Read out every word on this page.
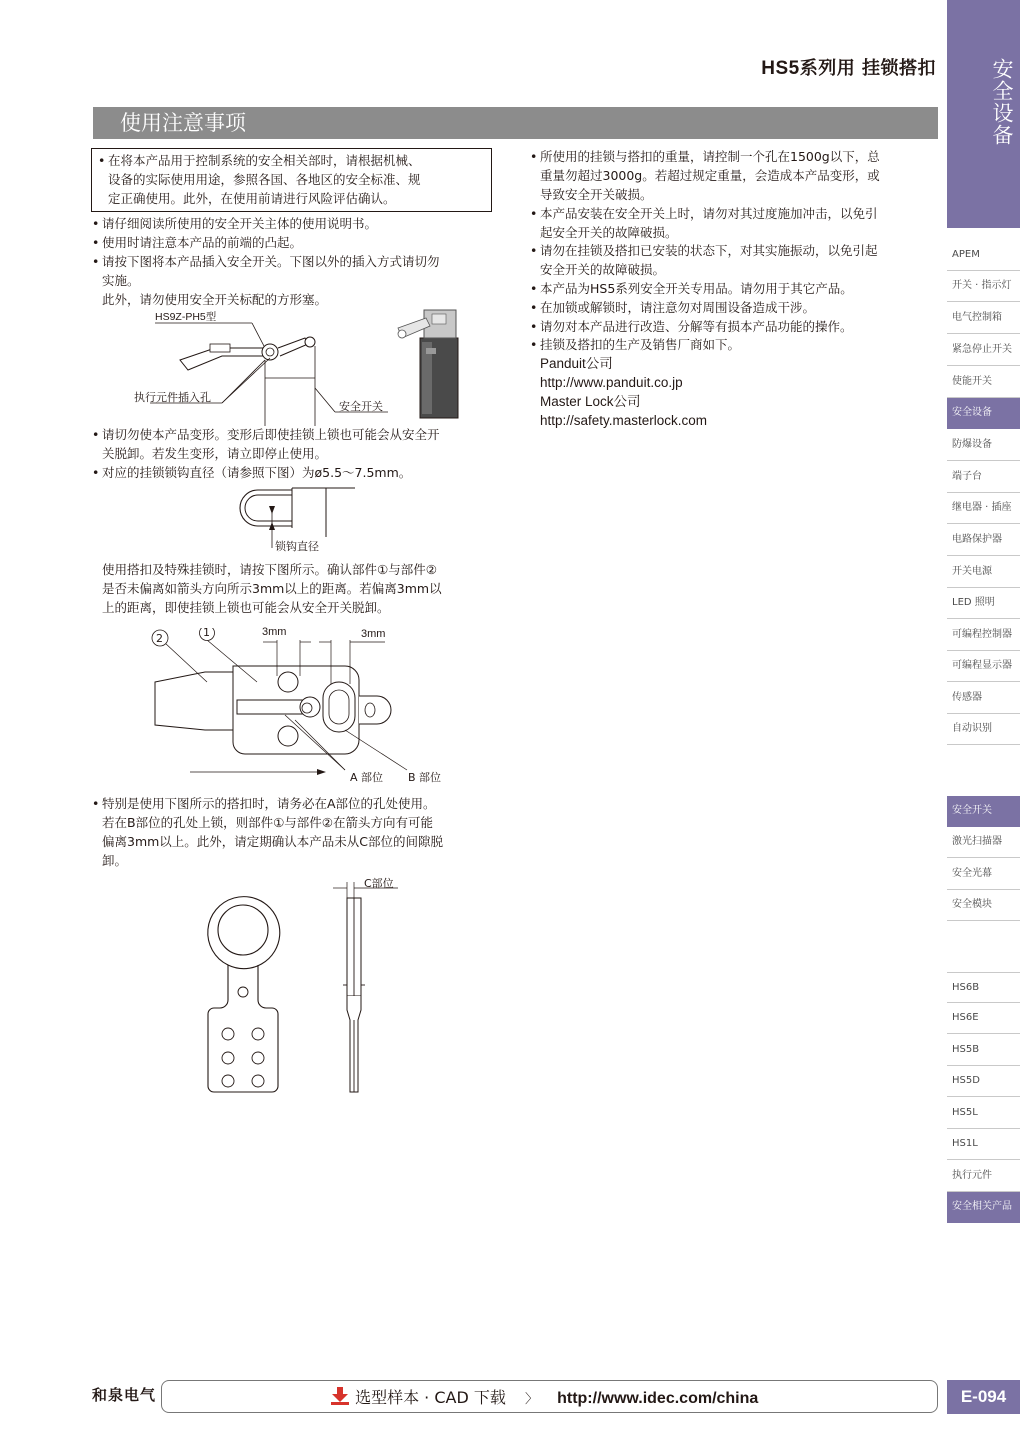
HS5系列用 挂锁搭扣	安全设备
APEM
开关 · 指示灯
电气控制箱
紧急停止开关
使能开关
安全设备
防爆设备
端子台
继电器 · 插座
电路保护器
开关电源
LED 照明
可编程控制器
可编程显示器
传感器
自动识别
安全开关
激光扫描器
安全光幕
安全模块
HS6B
HS6E
HS5B
HS5D
HS5L
HS1L
执行元件
安全相关产品
使用注意事项
• 在将本产品用于控制系统的安全相关部时，请根据机械、
设备的实际使用用途，参照各国、各地区的安全标准、规
定正确使用。此外，在使用前请进行风险评估确认。
• 请仔细阅读所使用的安全开关主体的使用说明书。
• 使用时请注意本产品的前端的凸起。
• 请按下图将本产品插入安全开关。下图以外的插入方式请切勿
实施。
此外，请勿使用安全开关标配的方形塞。
HS9Z-PH5型
执行元件插入孔
安全开关
• 请切勿使本产品变形。变形后即使挂锁上锁也可能会从安全开
关脱卸。若发生变形，请立即停止使用。
• 对应的挂锁锁钩直径（请参照下图）为ø5.5～7.5mm。
锁钩直径
使用搭扣及特殊挂锁时，请按下图所示。确认部件①与部件②
是否未偏离如箭头方向所示3mm以上的距离。若偏离3mm以
上的距离，即使挂锁上锁也可能会从安全开关脱卸。
2	1	3mm	3mm
A 部位 B 部位
• 特别是使用下图所示的搭扣时，请务必在A部位的孔处使用。
若在B部位的孔处上锁，则部件①与部件②在箭头方向有可能
偏离3mm以上。此外，请定期确认本产品未从C部位的间隙脱
卸。
C部位
• 所使用的挂锁与搭扣的重量，请控制一个孔在1500g以下，总
重量勿超过3000g。若超过规定重量，会造成本产品变形，或
导致安全开关破损。
• 本产品安装在安全开关上时，请勿对其过度施加冲击，以免引
起安全开关的故障破损。
• 请勿在挂锁及搭扣已安装的状态下，对其实施振动，以免引起
安全开关的故障破损。
• 本产品为HS5系列安全开关专用品。请勿用于其它产品。
• 在加锁或解锁时，请注意勿对周围设备造成干涉。
• 请勿对本产品进行改造、分解等有损本产品功能的操作。
• 挂锁及搭扣的生产及销售厂商如下。
Panduit公司
http://www.panduit.co.jp
Master Lock公司
http://safety.masterlock.com
和泉电气	选型样本 · CAD 下载 〉 http://www.idec.com/china	E-094
